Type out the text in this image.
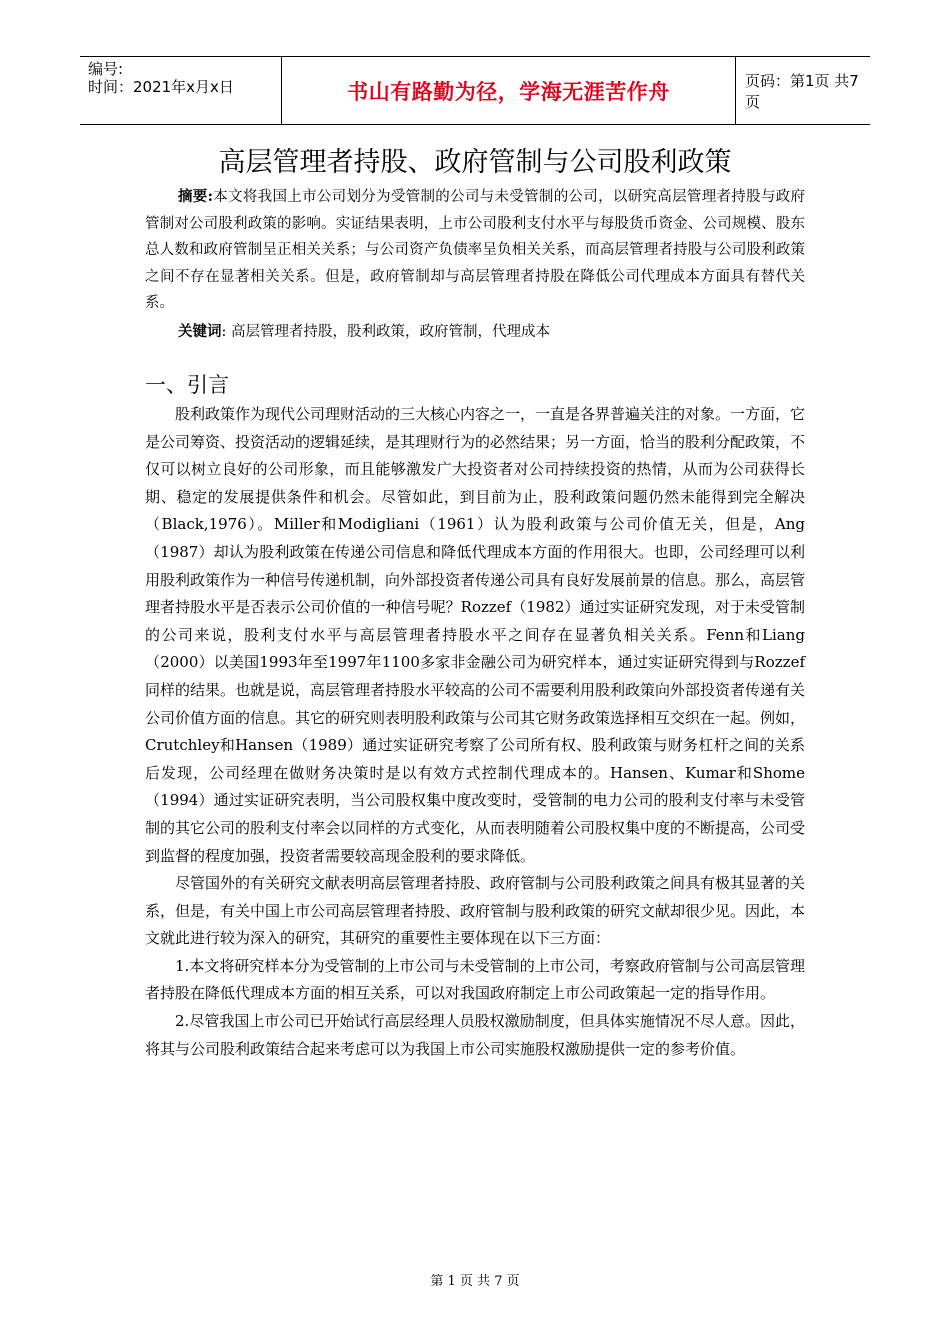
编号:
时间：2021年x月x日	书山有路勤为径，学海无涯苦作舟	页码：第1页 共7页
高层管理者持股、政府管制与公司股利政策

摘要:本文将我国上市公司划分为受管制的公司与未受管制的公司，以研究高层管理者持股与政府管制对公司股利政策的影响。实证结果表明，上市公司股利支付水平与每股货币资金、公司规模、股东总人数和政府管制呈正相关关系；与公司资产负债率呈负相关关系，而高层管理者持股与公司股利政策之间不存在显著相关关系。但是，政府管制却与高层管理者持股在降低公司代理成本方面具有替代关系。

关键词: 高层管理者持股，股利政策，政府管制，代理成本

一、引言

股利政策作为现代公司理财活动的三大核心内容之一，一直是各界普遍关注的对象。一方面，它是公司筹资、投资活动的逻辑延续，是其理财行为的必然结果；另一方面，恰当的股利分配政策，不仅可以树立良好的公司形象，而且能够激发广大投资者对公司持续投资的热情，从而为公司获得长期、稳定的发展提供条件和机会。尽管如此，到目前为止，股利政策问题仍然未能得到完全解决（Black,1976）。Miller和Modigliani（1961）认为股利政策与公司价值无关，但是，Ang（1987）却认为股利政策在传递公司信息和降低代理成本方面的作用很大。也即，公司经理可以利用股利政策作为一种信号传递机制，向外部投资者传递公司具有良好发展前景的信息。那么，高层管理者持股水平是否表示公司价值的一种信号呢？Rozzef（1982）通过实证研究发现，对于未受管制的公司来说，股利支付水平与高层管理者持股水平之间存在显著负相关关系。Fenn和Liang（2000）以美国1993年至1997年1100多家非金融公司为研究样本，通过实证研究得到与Rozzef同样的结果。也就是说，高层管理者持股水平较高的公司不需要利用股利政策向外部投资者传递有关公司价值方面的信息。其它的研究则表明股利政策与公司其它财务政策选择相互交织在一起。例如，Crutchley和Hansen（1989）通过实证研究考察了公司所有权、股利政策与财务杠杆之间的关系后发现，公司经理在做财务决策时是以有效方式控制代理成本的。Hansen、Kumar和Shome（1994）通过实证研究表明，当公司股权集中度改变时，受管制的电力公司的股利支付率与未受管制的其它公司的股利支付率会以同样的方式变化，从而表明随着公司股权集中度的不断提高，公司受到监督的程度加强，投资者需要较高现金股利的要求降低。

尽管国外的有关研究文献表明高层管理者持股、政府管制与公司股利政策之间具有极其显著的关系，但是，有关中国上市公司高层管理者持股、政府管制与股利政策的研究文献却很少见。因此，本文就此进行较为深入的研究，其研究的重要性主要体现在以下三方面：

1.本文将研究样本分为受管制的上市公司与未受管制的上市公司，考察政府管制与公司高层管理者持股在降低代理成本方面的相互关系，可以对我国政府制定上市公司政策起一定的指导作用。

2.尽管我国上市公司已开始试行高层经理人员股权激励制度，但具体实施情况不尽人意。因此，将其与公司股利政策结合起来考虑可以为我国上市公司实施股权激励提供一定的参考价值。

第 1 页 共 7 页
